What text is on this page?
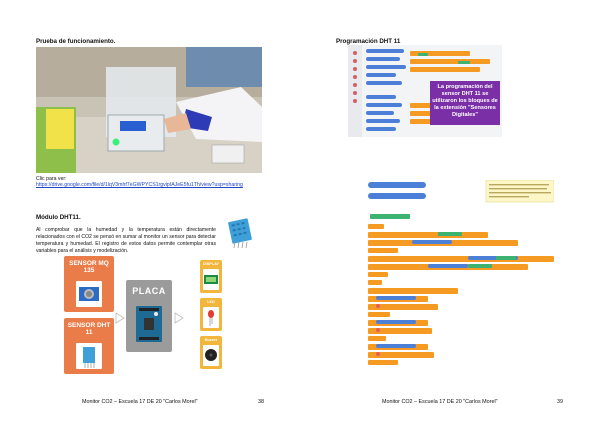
Prueba de funcionamiento.
Clic para ver:
https://drive.google.com/file/d/1lqV3mhf7eGWPYCS1rgvipIAJeE5fu1Th/view?usp=sharing
Módulo DHT11.
Al comprobar que la humedad y la temperatura están directamente relacionados con el CO2 se pensó en sumar al monitor un sensor para detectar temperatura y humedad. El registro de estos datos permite contemplar otras variables para el análisis y modelización.
SENSOR MQ 135
SENSOR DHT 11
PLACA
DISPLAY
LED
Buzzer
Monitor CO2 – Escuela 17 DE 20 "Carlos Morel"	38
Programación DHT 11
La programación del sensor DHT 11 se utilizaron los bloques de la extensión "Sensores Digitales"
Monitor CO2 – Escuela 17 DE 20 "Carlos Morel"	39
